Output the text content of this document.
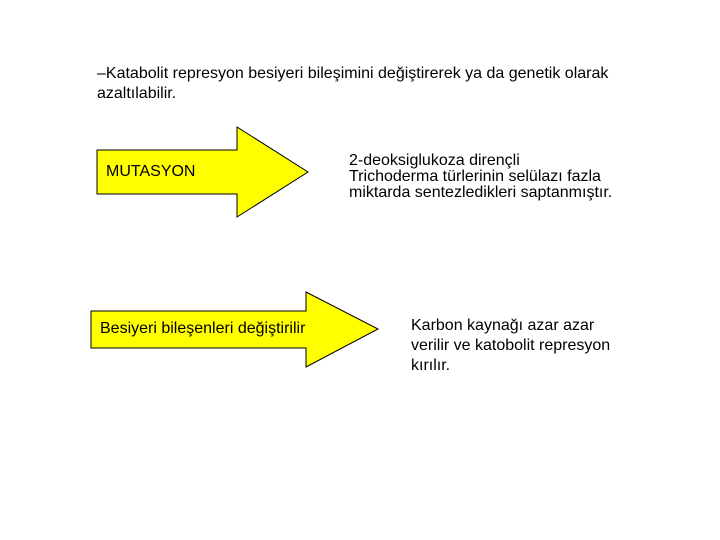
–Katabolit represyon besiyeri bileşimini değiştirerek ya da genetik olarak azaltılabilir.
MUTASYON
Besiyeri bileşenleri değiştirilir
2-deoksiglukoza dirençli
Trichoderma türlerinin selülazı fazla
miktarda sentezledikleri saptanmıştır.
Karbon kaynağı azar azar
verilir ve katobolit represyon
kırılır.
